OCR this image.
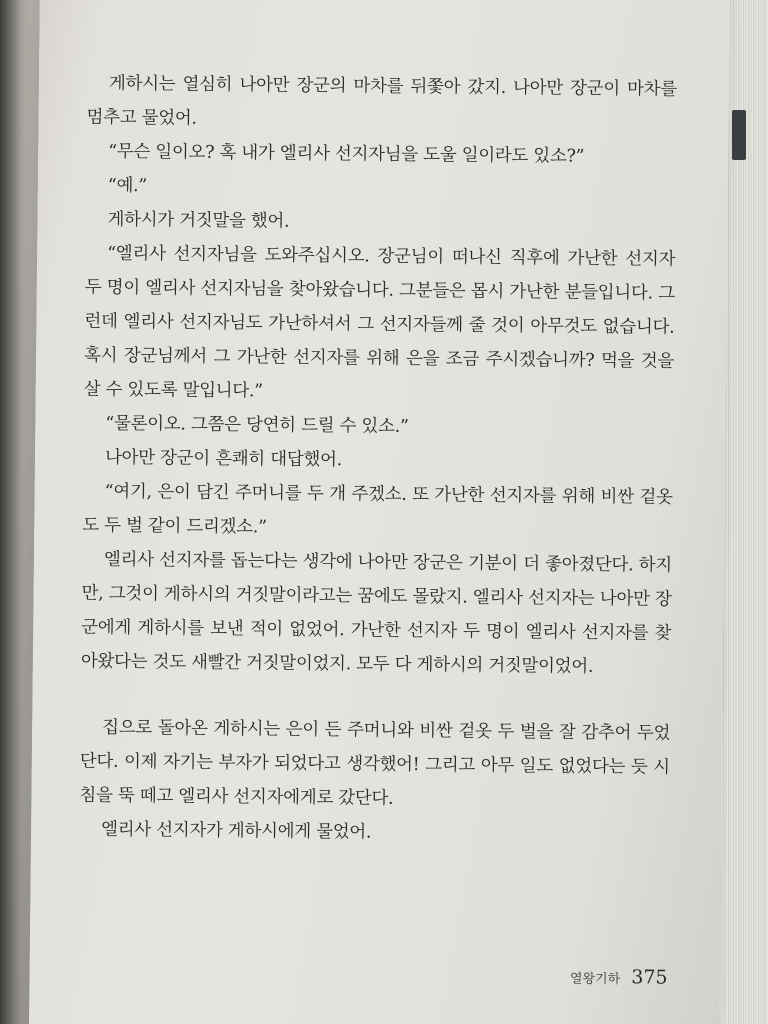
게하시는 열심히 나아만 장군의 마차를 뒤쫓아 갔지. 나아만 장군이 마차를 멈추고 물었어.

“무슨 일이오? 혹 내가 엘리사 선지자님을 도울 일이라도 있소?”

“예.”

게하시가 거짓말을 했어.

“엘리사 선지자님을 도와주십시오. 장군님이 떠나신 직후에 가난한 선지자 두 명이 엘리사 선지자님을 찾아왔습니다. 그분들은 몹시 가난한 분들입니다. 그런데 엘리사 선지자님도 가난하셔서 그 선지자들께 줄 것이 아무것도 없습니다. 혹시 장군님께서 그 가난한 선지자를 위해 은을 조금 주시겠습니까? 먹을 것을 살 수 있도록 말입니다.”

“물론이오. 그쯤은 당연히 드릴 수 있소.”

나아만 장군이 흔쾌히 대답했어.

“여기, 은이 담긴 주머니를 두 개 주겠소. 또 가난한 선지자를 위해 비싼 겉옷도 두 벌 같이 드리겠소.”

엘리사 선지자를 돕는다는 생각에 나아만 장군은 기분이 더 좋아졌단다. 하지만, 그것이 게하시의 거짓말이라고는 꿈에도 몰랐지. 엘리사 선지자는 나아만 장군에게 게하시를 보낸 적이 없었어. 가난한 선지자 두 명이 엘리사 선지자를 찾아왔다는 것도 새빨간 거짓말이었지. 모두 다 게하시의 거짓말이었어.

집으로 돌아온 게하시는 은이 든 주머니와 비싼 겉옷 두 벌을 잘 감추어 두었단다. 이제 자기는 부자가 되었다고 생각했어! 그리고 아무 일도 없었다는 듯 시침을 뚝 떼고 엘리사 선지자에게로 갔단다.

엘리사 선지자가 게하시에게 물었어.

열왕기하 375
